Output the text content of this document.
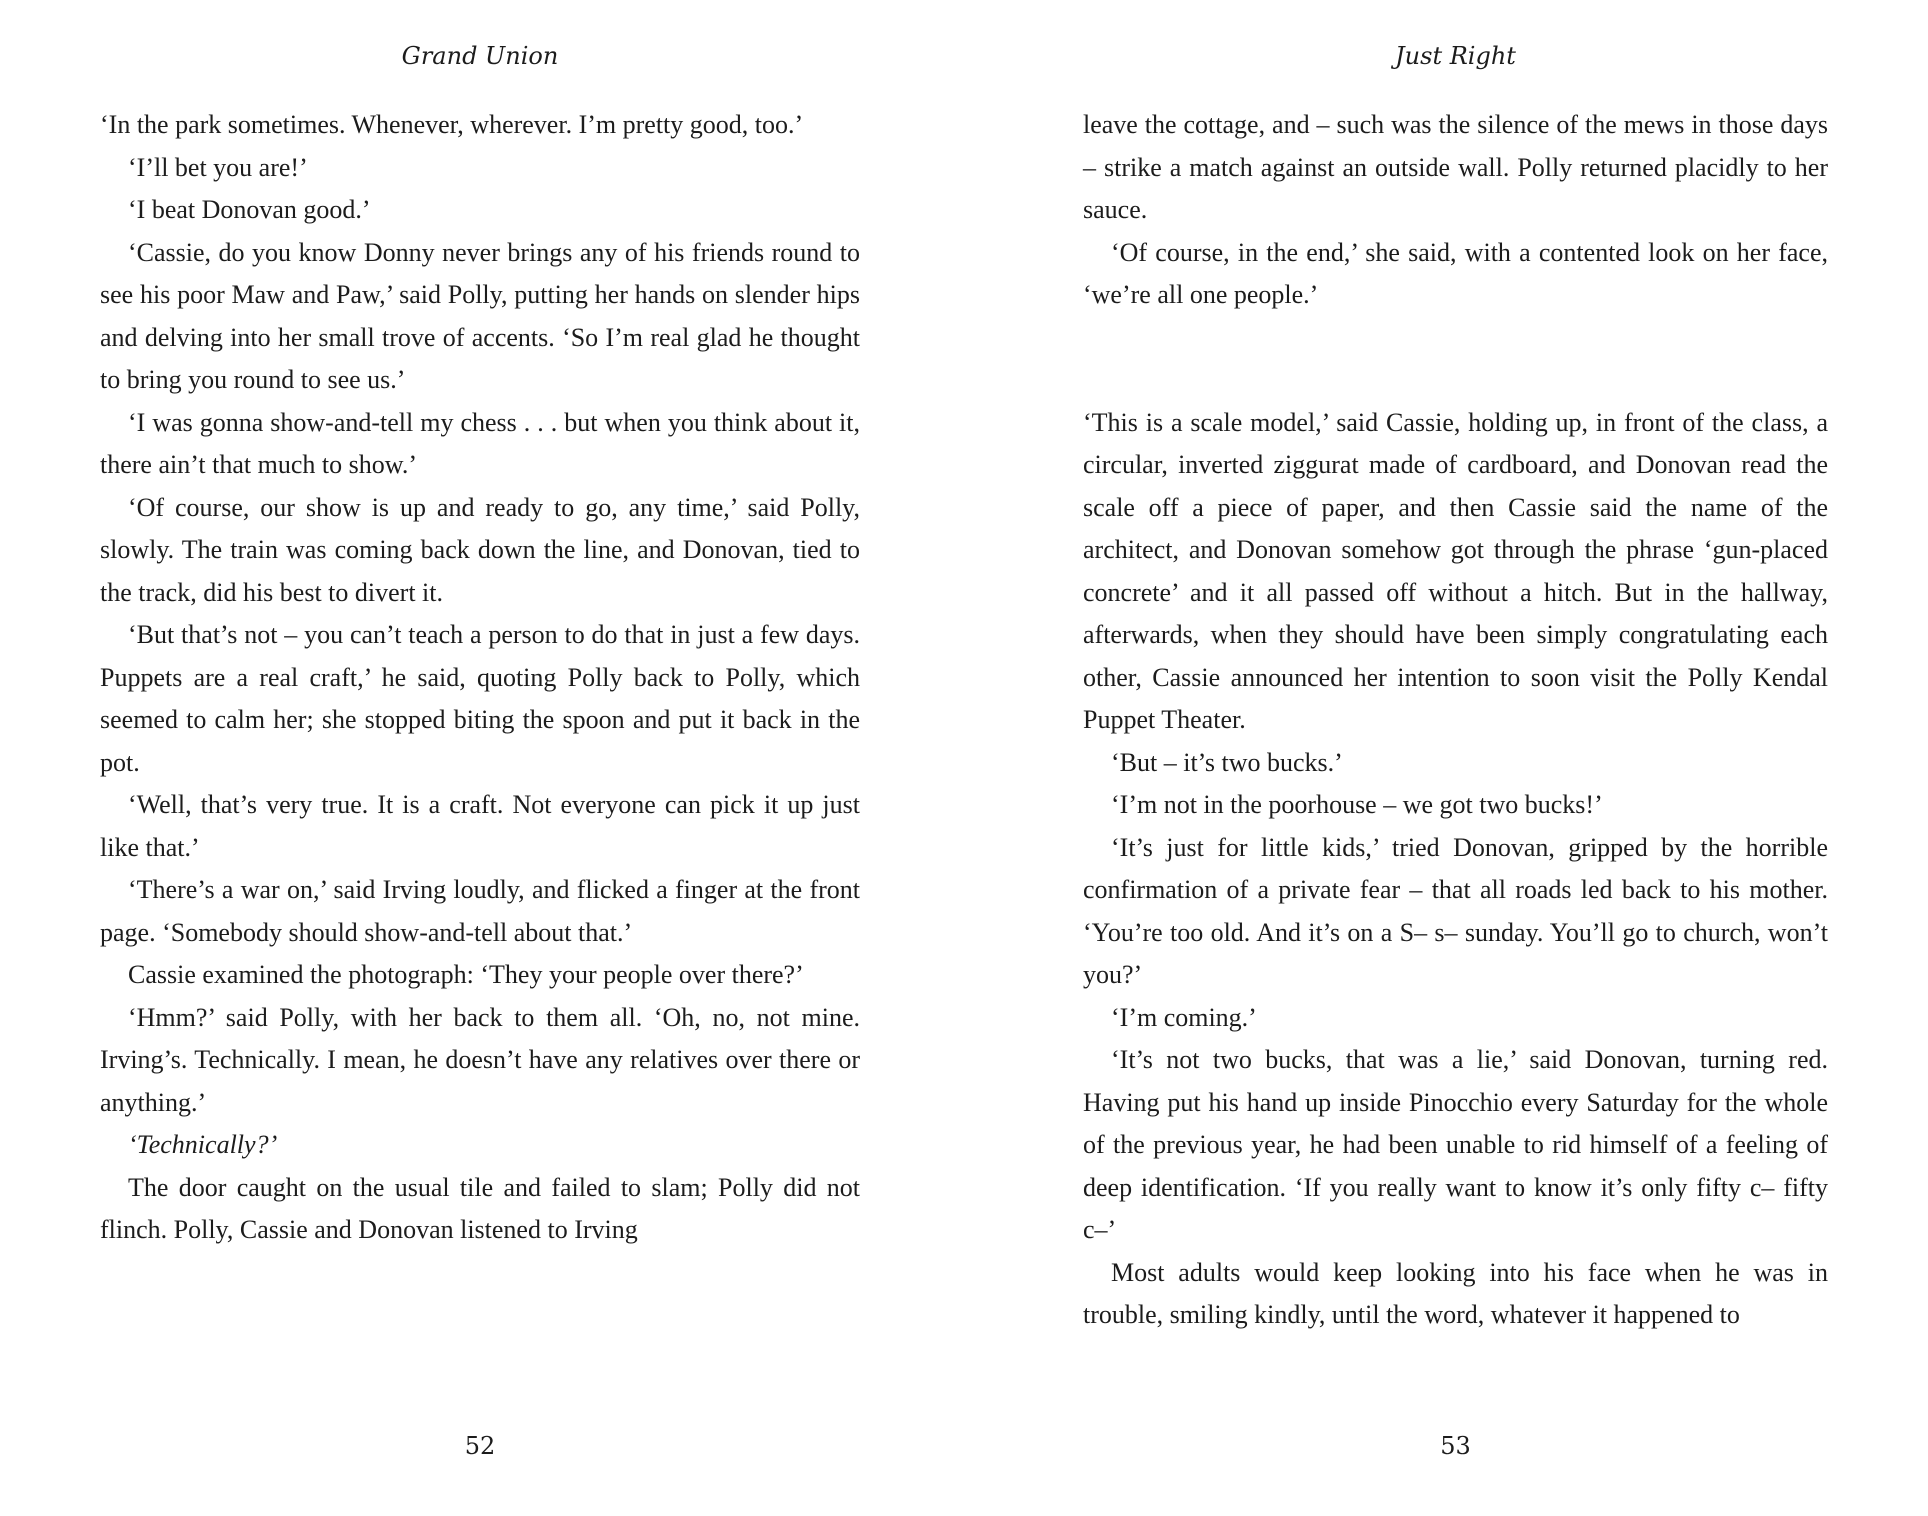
Grand Union

‘In the park sometimes. Whenever, wherever. I’m pretty good, too.’

‘I’ll bet you are!’

‘I beat Donovan good.’

‘Cassie, do you know Donny never brings any of his friends round to see his poor Maw and Paw,’ said Polly, putting her hands on slender hips and delving into her small trove of accents. ‘So I’m real glad he thought to bring you round to see us.’

‘I was gonna show-and-tell my chess . . . but when you think about it, there ain’t that much to show.’

‘Of course, our show is up and ready to go, any time,’ said Polly, slowly. The train was coming back down the line, and Donovan, tied to the track, did his best to divert it.

‘But that’s not – you can’t teach a person to do that in just a few days. Puppets are a real craft,’ he said, quoting Polly back to Polly, which seemed to calm her; she stopped biting the spoon and put it back in the pot.

‘Well, that’s very true. It is a craft. Not everyone can pick it up just like that.’

‘There’s a war on,’ said Irving loudly, and flicked a finger at the front page. ‘Somebody should show-and-tell about that.’

Cassie examined the photograph: ‘They your people over there?’

‘Hmm?’ said Polly, with her back to them all. ‘Oh, no, not mine. Irving’s. Technically. I mean, he doesn’t have any relatives over there or anything.’

‘Technically?’

The door caught on the usual tile and failed to slam; Polly did not flinch. Polly, Cassie and Donovan listened to Irving

52
Just Right

leave the cottage, and – such was the silence of the mews in those days – strike a match against an outside wall. Polly returned placidly to her sauce.

‘Of course, in the end,’ she said, with a contented look on her face, ‘we’re all one people.’

‘This is a scale model,’ said Cassie, holding up, in front of the class, a circular, inverted ziggurat made of cardboard, and Donovan read the scale off a piece of paper, and then Cassie said the name of the architect, and Donovan somehow got through the phrase ‘gun-placed concrete’ and it all passed off without a hitch. But in the hallway, afterwards, when they should have been simply congratulating each other, Cassie announced her intention to soon visit the Polly Kendal Puppet Theater.

‘But – it’s two bucks.’

‘I’m not in the poorhouse – we got two bucks!’

‘It’s just for little kids,’ tried Donovan, gripped by the horrible confirmation of a private fear – that all roads led back to his mother. ‘You’re too old. And it’s on a S– s– sunday. You’ll go to church, won’t you?’

‘I’m coming.’

‘It’s not two bucks, that was a lie,’ said Donovan, turning red. Having put his hand up inside Pinocchio every Saturday for the whole of the previous year, he had been unable to rid himself of a feeling of deep identification. ‘If you really want to know it’s only fifty c– fifty c–’

Most adults would keep looking into his face when he was in trouble, smiling kindly, until the word, whatever it happened to

53
